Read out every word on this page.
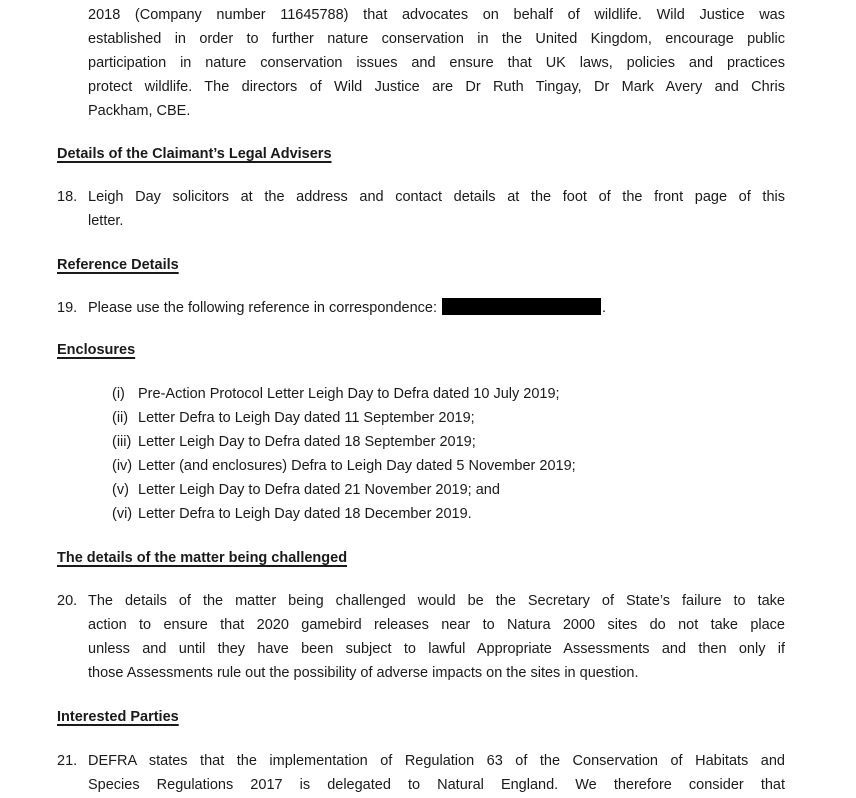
2018 (Company number 11645788) that advocates on behalf of wildlife. Wild Justice was
established in order to further nature conservation in the United Kingdom, encourage public
participation in nature conservation issues and ensure that UK laws, policies and practices
protect wildlife. The directors of Wild Justice are Dr Ruth Tingay, Dr Mark Avery and Chris
Packham, CBE.
Details of the Claimant’s Legal Advisers
18. Leigh Day solicitors at the address and contact details at the foot of the front page of this
letter.
Reference Details
19. Please use the following reference in correspondence:	.
Enclosures
(i) Pre-Action Protocol Letter Leigh Day to Defra dated 10 July 2019;
(ii) Letter Defra to Leigh Day dated 11 September 2019;
(iii) Letter Leigh Day to Defra dated 18 September 2019;
(iv) Letter (and enclosures) Defra to Leigh Day dated 5 November 2019;
(v) Letter Leigh Day to Defra dated 21 November 2019; and
(vi) Letter Defra to Leigh Day dated 18 December 2019.
The details of the matter being challenged
20. The details of the matter being challenged would be the Secretary of State’s failure to take
action to ensure that 2020 gamebird releases near to Natura 2000 sites do not take place
unless and until they have been subject to lawful Appropriate Assessments and then only if
those Assessments rule out the possibility of adverse impacts on the sites in question.
Interested Parties
21. DEFRA states that the implementation of Regulation 63 of the Conservation of Habitats and
Species Regulations 2017 is delegated to Natural England. We therefore consider that
